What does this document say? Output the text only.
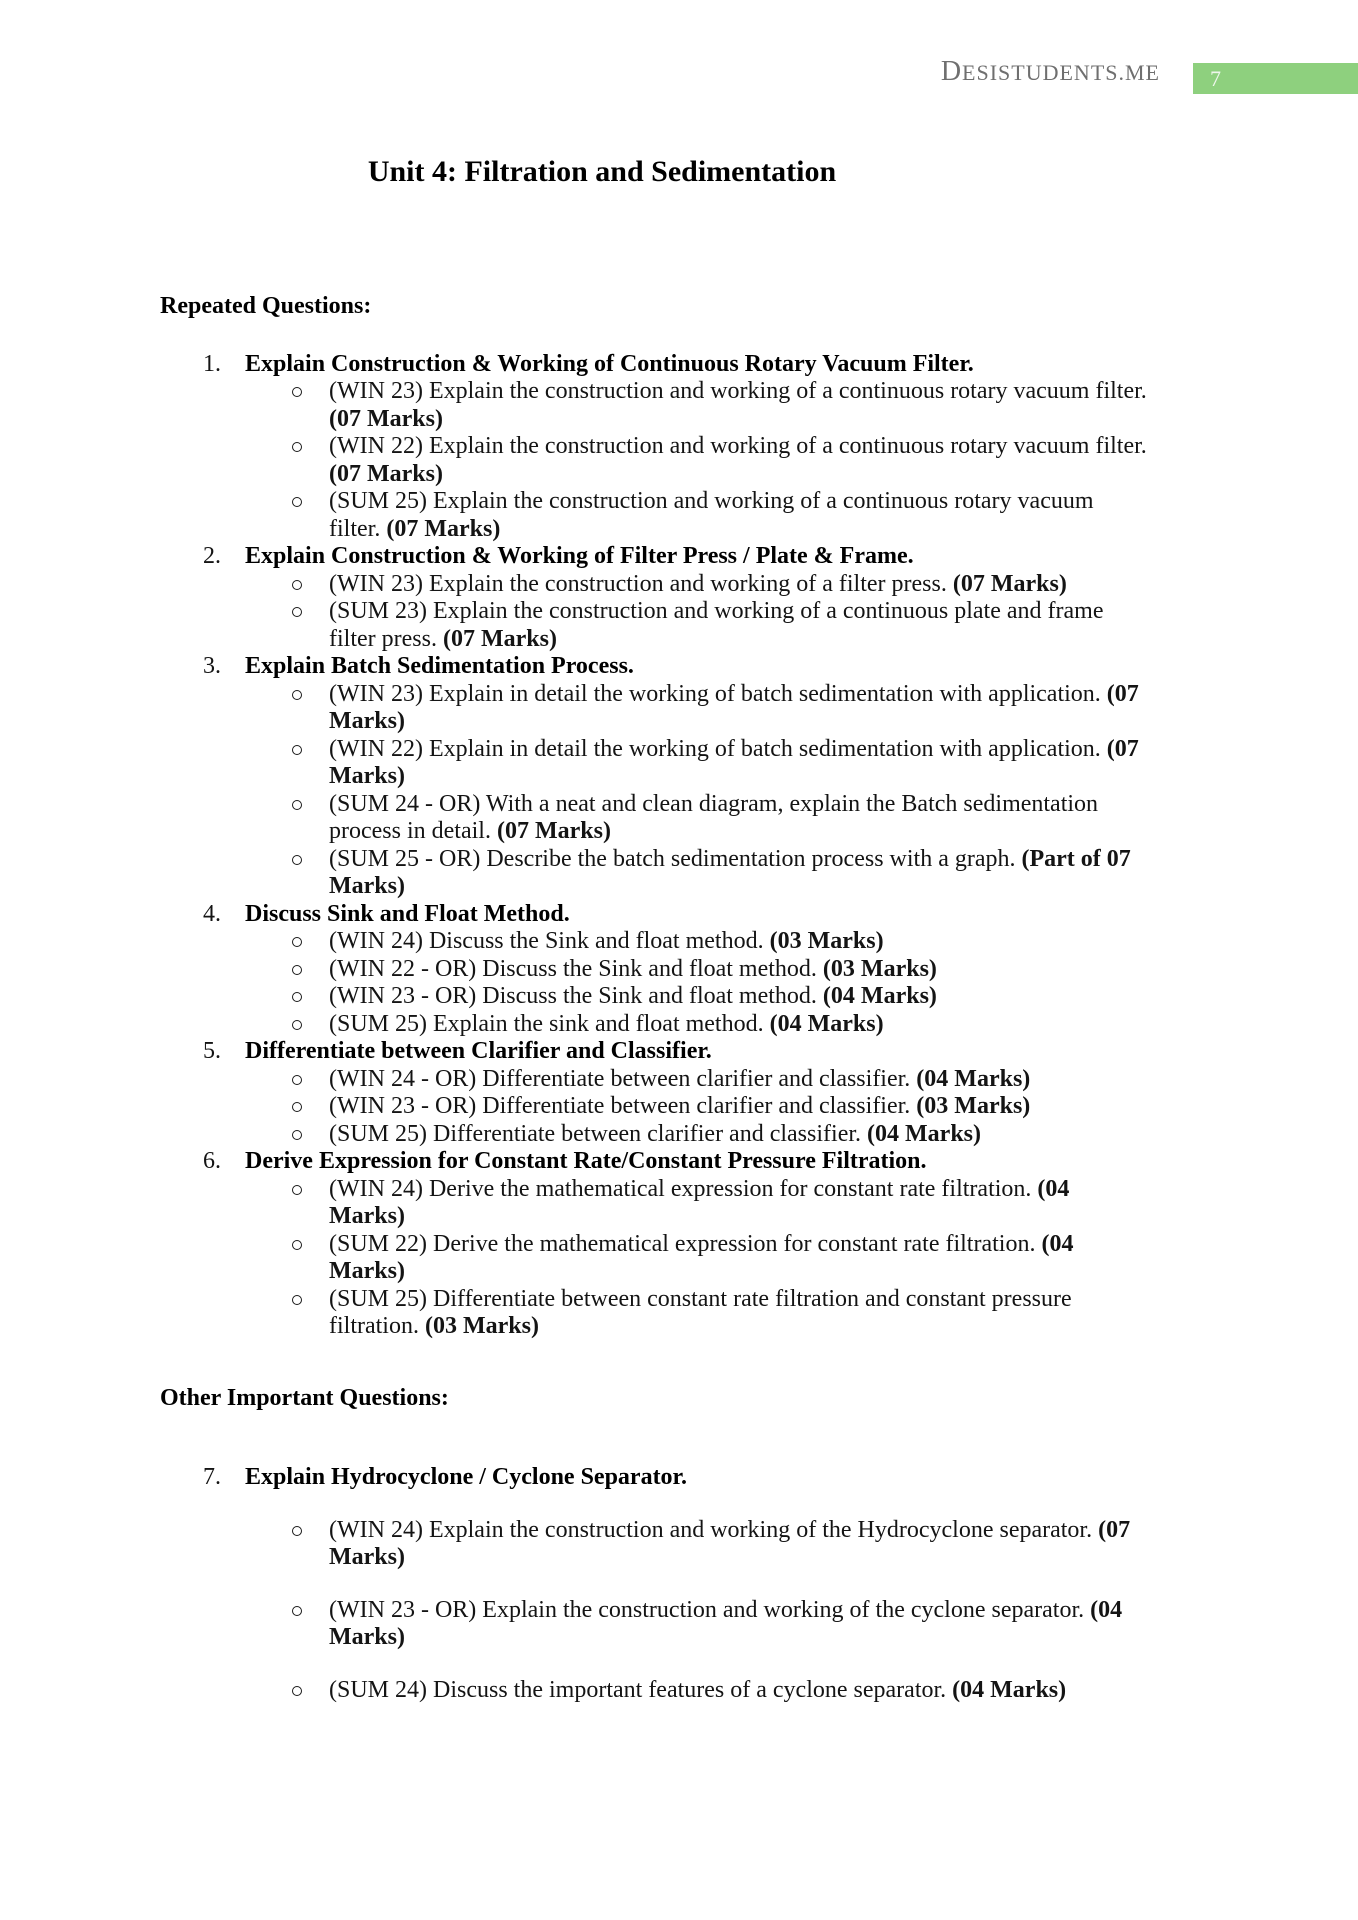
DESISTUDENTS.ME 7
Unit 4: Filtration and Sedimentation
Repeated Questions:
1.	Explain Construction & Working of Continuous Rotary Vacuum Filter.
(WIN 23) Explain the construction and working of a continuous rotary vacuum filter. (07 Marks)
(WIN 22) Explain the construction and working of a continuous rotary vacuum filter. (07 Marks)
(SUM 25) Explain the construction and working of a continuous rotary vacuum filter. (07 Marks)
2.	Explain Construction & Working of Filter Press / Plate & Frame.
(WIN 23) Explain the construction and working of a filter press. (07 Marks)
(SUM 23) Explain the construction and working of a continuous plate and frame filter press. (07 Marks)
3.	Explain Batch Sedimentation Process.
(WIN 23) Explain in detail the working of batch sedimentation with application. (07 Marks)
(WIN 22) Explain in detail the working of batch sedimentation with application. (07 Marks)
(SUM 24 - OR) With a neat and clean diagram, explain the Batch sedimentation process in detail. (07 Marks)
(SUM 25 - OR) Describe the batch sedimentation process with a graph. (Part of 07 Marks)
4.	Discuss Sink and Float Method.
(WIN 24) Discuss the Sink and float method. (03 Marks)
(WIN 22 - OR) Discuss the Sink and float method. (03 Marks)
(WIN 23 - OR) Discuss the Sink and float method. (04 Marks)
(SUM 25) Explain the sink and float method. (04 Marks)
5.	Differentiate between Clarifier and Classifier.
(WIN 24 - OR) Differentiate between clarifier and classifier. (04 Marks)
(WIN 23 - OR) Differentiate between clarifier and classifier. (03 Marks)
(SUM 25) Differentiate between clarifier and classifier. (04 Marks)
6.	Derive Expression for Constant Rate/Constant Pressure Filtration.
(WIN 24) Derive the mathematical expression for constant rate filtration. (04 Marks)
(SUM 22) Derive the mathematical expression for constant rate filtration. (04 Marks)
(SUM 25) Differentiate between constant rate filtration and constant pressure filtration. (03 Marks)
Other Important Questions:
7.	Explain Hydrocyclone / Cyclone Separator.
(WIN 24) Explain the construction and working of the Hydrocyclone separator. (07 Marks)
(WIN 23 - OR) Explain the construction and working of the cyclone separator. (04 Marks)
(SUM 24) Discuss the important features of a cyclone separator. (04 Marks)
